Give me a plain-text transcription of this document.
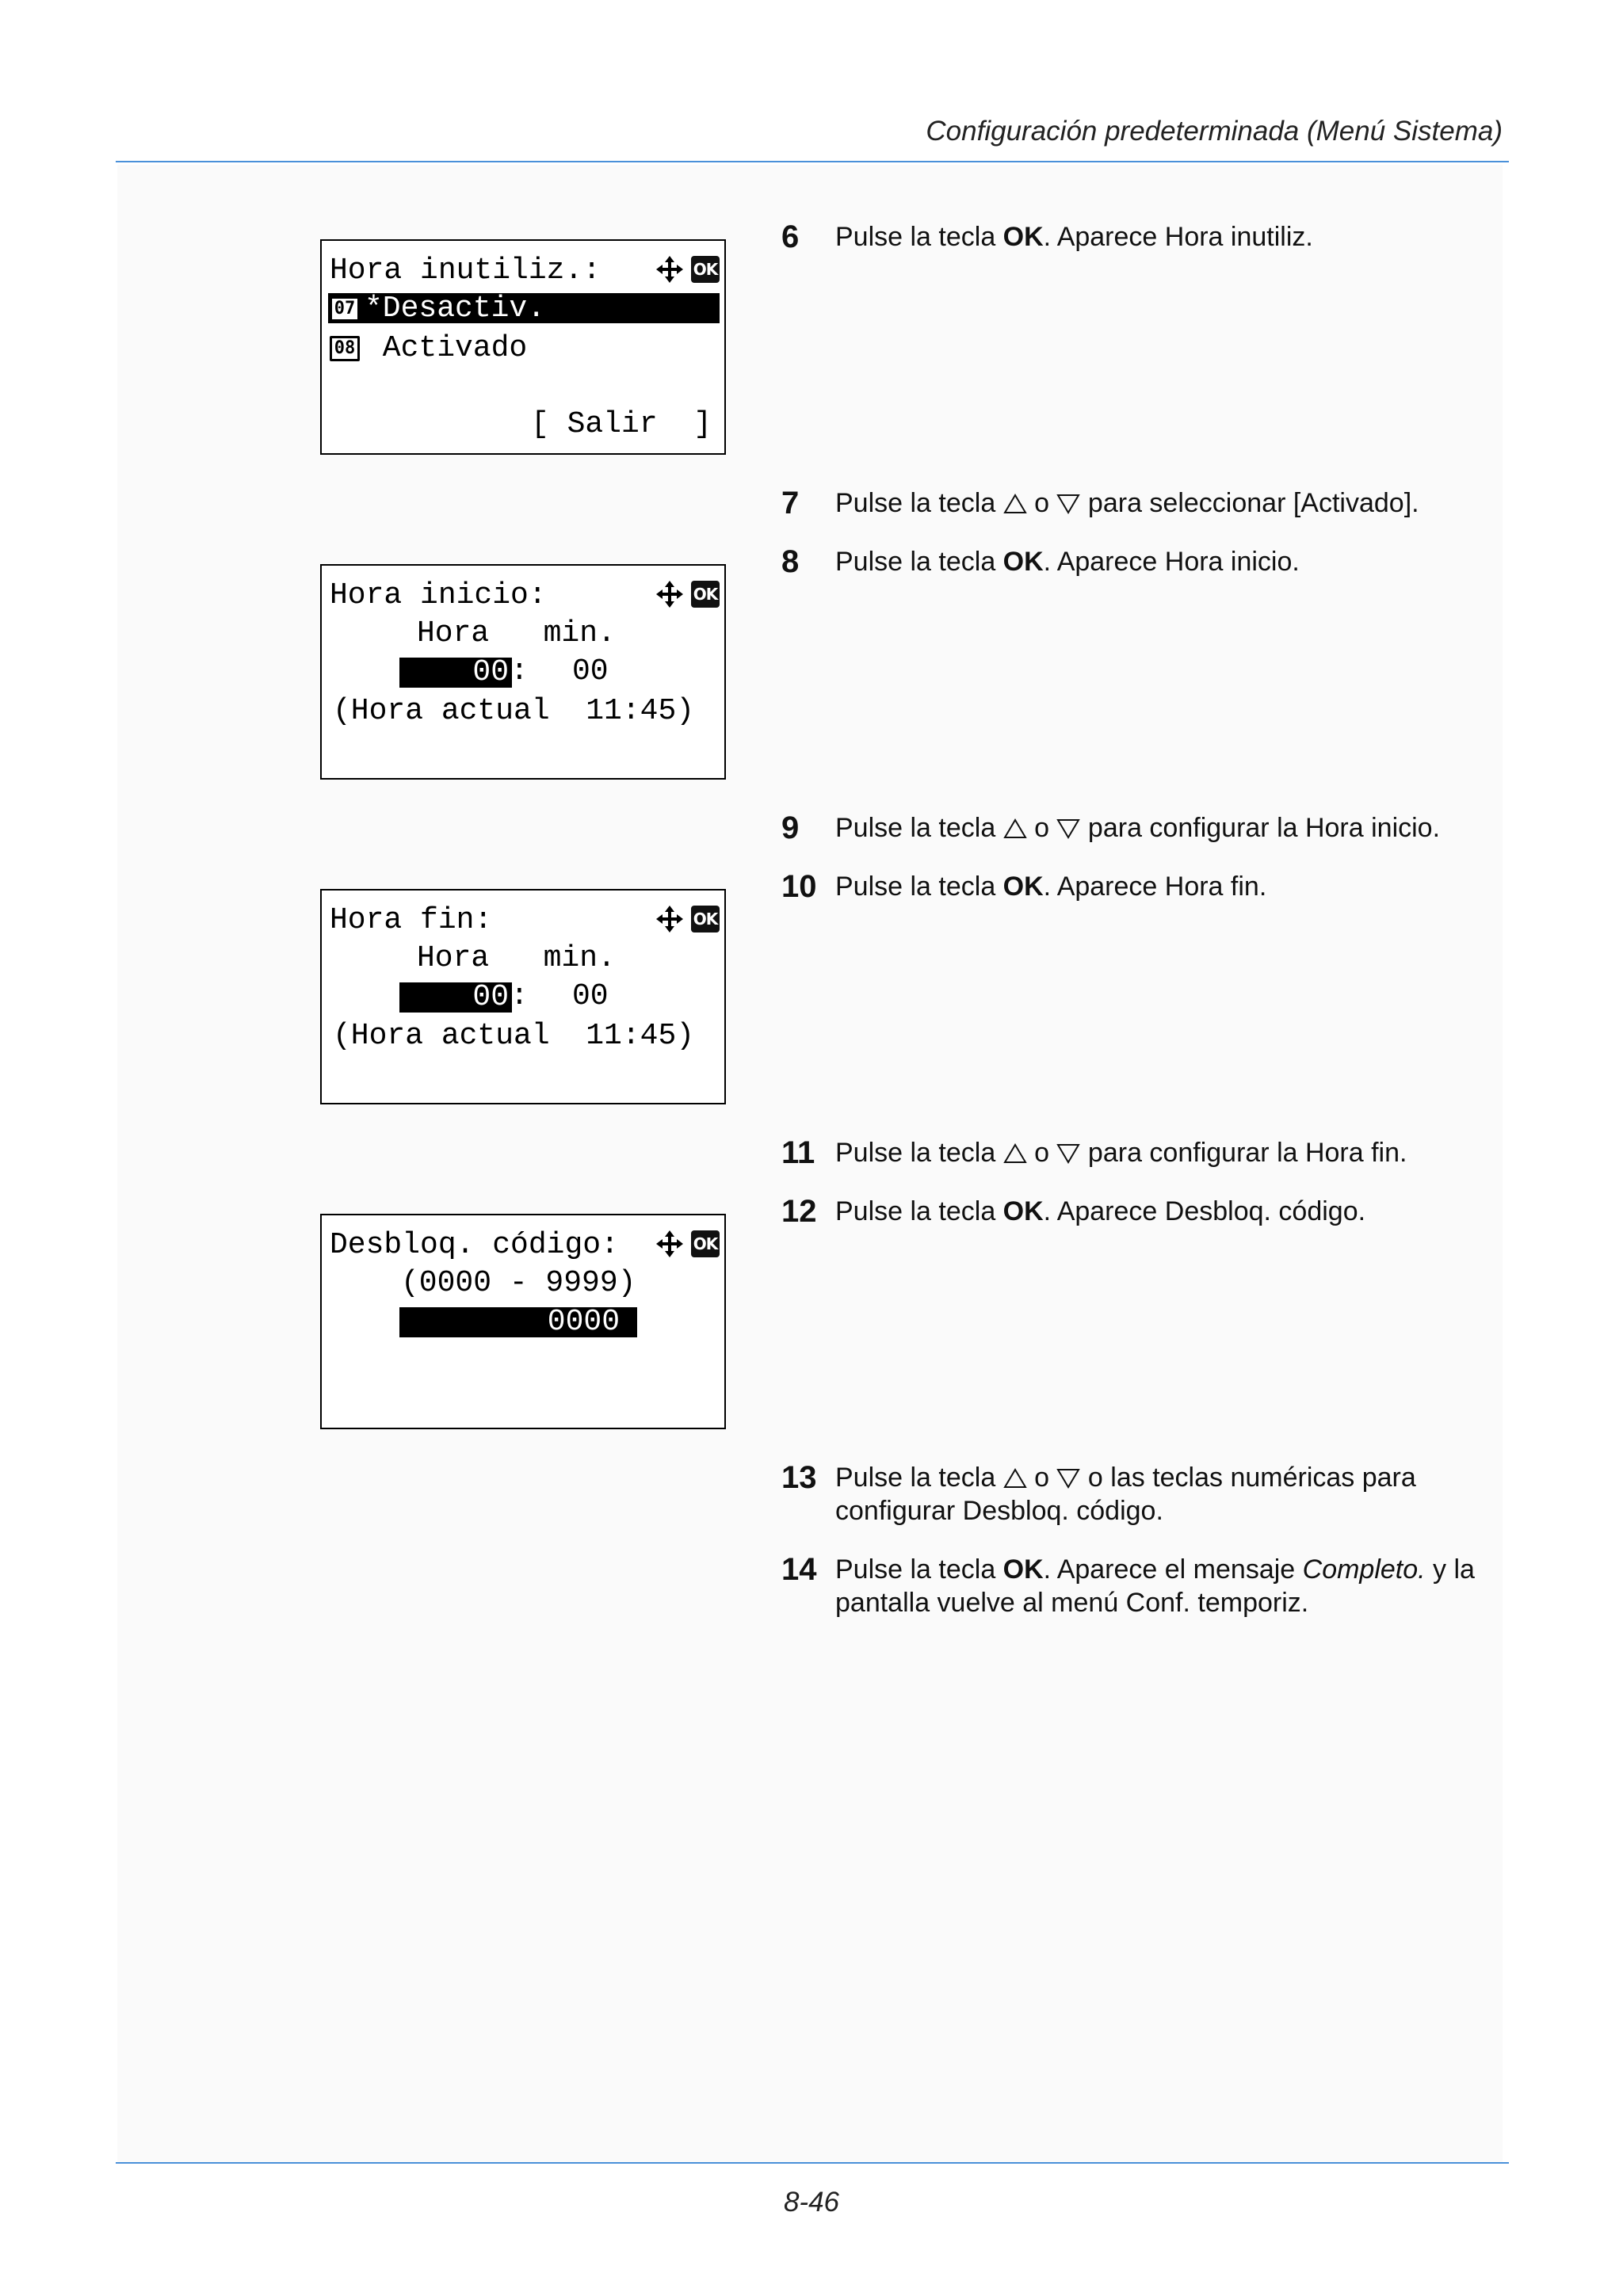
Configuración predeterminada (Menú Sistema)
Hora inutiliz.:	OK
07 *Desactiv.
08 Activado
[ Salir  ]
Hora inicio:	OK
Hora   min.
00 : 00
(Hora actual  11:45)
Hora fin:	OK
Hora   min.
00 : 00
(Hora actual  11:45)
Desbloq. código:	OK
(0000 - 9999)
0000
6	Pulse la tecla OK. Aparece Hora inutiliz.
7	Pulse la tecla  o  para seleccionar [Activado].
8	Pulse la tecla OK. Aparece Hora inicio.
9	Pulse la tecla  o  para configurar la Hora inicio.
10 Pulse la tecla OK. Aparece Hora fin.
11 Pulse la tecla  o  para configurar la Hora fin.
12 Pulse la tecla OK. Aparece Desbloq. código.
13 Pulse la tecla  o  o las teclas numéricas para
configurar Desbloq. código.
14 Pulse la tecla OK. Aparece el mensaje Completo. y la
pantalla vuelve al menú Conf. temporiz.
8-46
